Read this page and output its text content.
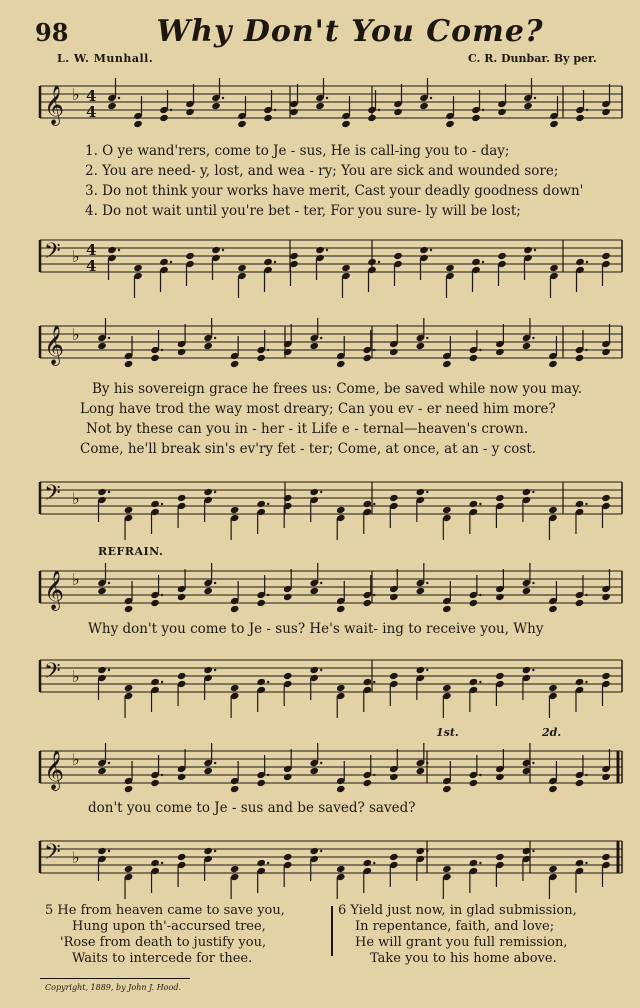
98	Why Don't You Come?
L. W. Munhall.	C. R. Dunbar. By per.
𝄞 ♭ 4
4
1. O ye wand'rers, come to Je - sus, He is call-ing you to - day;
2. You are need- y, lost, and wea - ry; You are sick and wounded sore;
3. Do not think your works have merit, Cast your deadly goodness down'
4. Do not wait until you're bet - ter, For you sure- ly will be lost;
𝄢 ♭ 4
4
𝄞 ♭
By his sovereign grace he frees us: Come, be saved while now you may.
Long have trod the way most dreary; Can you ev - er need him more?
Not by these can you in - her - it Life e - ternal—heaven's crown.
Come, he'll break sin's ev'ry fet - ter; Come, at once, at an - y cost.
𝄢 ♭
REFRAIN.
𝄞 ♭
Why don't you come to Je - sus? He's wait- ing to receive you, Why
𝄢 ♭
1st.	2d.
𝄞 ♭
don't you come to Je - sus and be saved? saved?
𝄢 ♭
5 He from heaven came to save you,
Hung upon th'-accursed tree,
'Rose from death to justify you,
Waits to intercede for thee.
6 Yield just now, in glad submission,
In repentance, faith, and love;
He will grant you full remission,
Take you to his home above.
Copyright, 1889, by John J. Hood.
